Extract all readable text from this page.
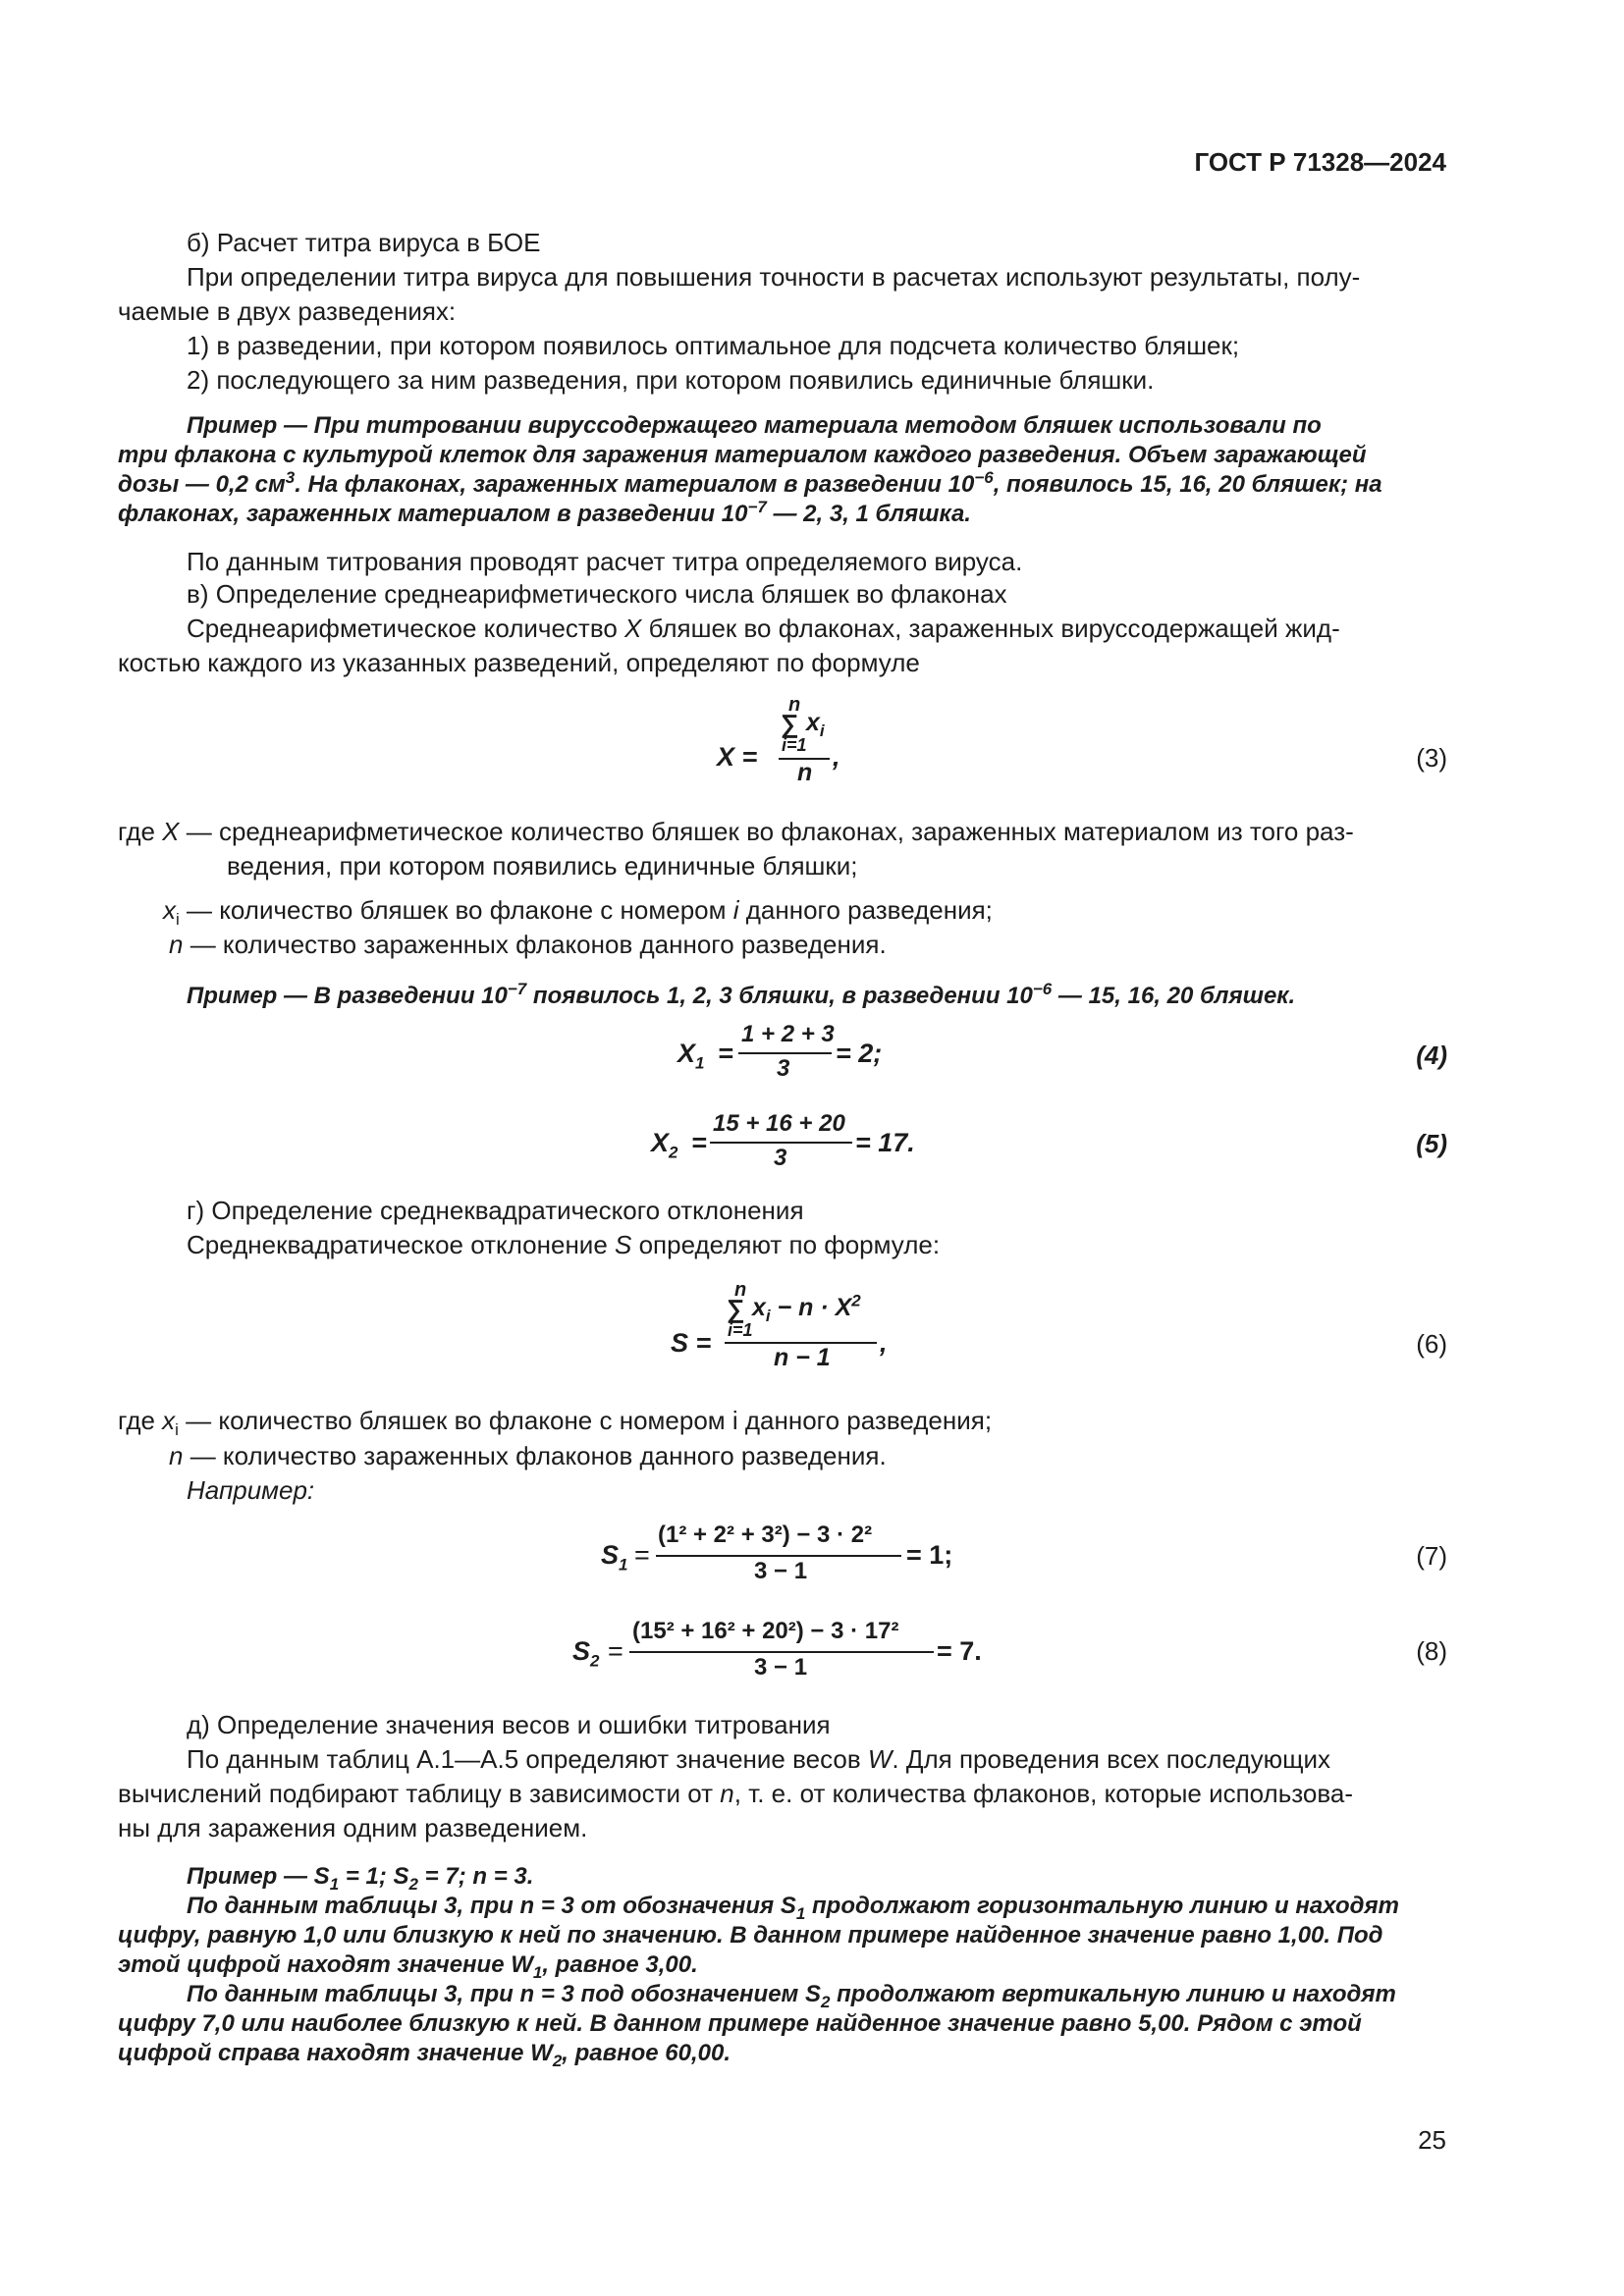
ГОСТ Р 71328—2024
б) Расчет титра вируса в БОЕ
При определении титра вируса для повышения точности в расчетах используют результаты, полу-
чаемые в двух разведениях:
1) в разведении, при котором появилось оптимальное для подсчета количество бляшек;
2) последующего за ним разведения, при котором появились единичные бляшки.
Пример — При титровании вируссодержащего материала методом бляшек использовали по
три флакона с культурой клеток для заражения материалом каждого разведения. Объем заражающей
дозы — 0,2 $см^3$. На флаконах, зараженных материалом в разведении $10^{-6}$, появилось 15, 16, 20 бляшек; на
флаконах, зараженных материалом в разведении $10^{-7}$ — 2, 3, 1 бляшка.
По данным титрования проводят расчет титра определяемого вируса.
в) Определение среднеарифметического числа бляшек во флаконах
Среднеарифметическое количество X бляшек во флаконах, зараженных вируссодержащей жид-
костью каждого из указанных разведений, определяют по формуле
n
∑ $x_i$
i=1
X =
n
,	(3)
где X — среднеарифметическое количество бляшек во флаконах, зараженных материалом из того раз-
ведения, при котором появились единичные бляшки;
$x_i$ — количество бляшек во флаконе с номером i данного разведения;
n — количество зараженных флаконов данного разведения.
Пример — В разведении $10^{-7}$ появилось 1, 2, 3 бляшки, в разведении $10^{-6}$ — 15, 16, 20 бляшек.
$X_1$ =
1 + 2 + 3
3
= 2;	(4)
$X_2$ =
15 + 16 + 20
3
= 17.	(5)
г) Определение среднеквадратического отклонения
Среднеквадратическое отклонение S определяют по формуле:
n
∑ $x_i - n \cdot X^2$
i=1
S =	n − 1 ,	(6)
где $x_i$ — количество бляшек во флаконе с номером i данного разведения;
n — количество зараженных флаконов данного разведения.
Например:
$S_1$ =
(1² + 2² + 3²) − 3 · 2²
3 − 1
= 1;	(7)
$S_2$ =
(15² + 16² + 20²) − 3 · 17²
3 − 1
= 7.	(8)
д) Определение значения весов и ошибки титрования
По данным таблиц А.1—А.5 определяют значение весов W. Для проведения всех последующих
вычислений подбирают таблицу в зависимости от n, т. е. от количества флаконов, которые использова-
ны для заражения одним разведением.
Пример — $S_1 = 1$; $S_2 = 7$; n = 3.
По данным таблицы 3, при n = 3 от обозначения $S_1$ продолжают горизонтальную линию и находят
цифру, равную 1,0 или близкую к ней по значению. В данном примере найденное значение равно 1,00. Под
этой цифрой находят значение $W_1$, равное 3,00.
По данным таблицы 3, при n = 3 под обозначением $S_2$ продолжают вертикальную линию и находят
цифру 7,0 или наиболее близкую к ней. В данном примере найденное значение равно 5,00. Рядом с этой
цифрой справа находят значение $W_2$, равное 60,00.
25
